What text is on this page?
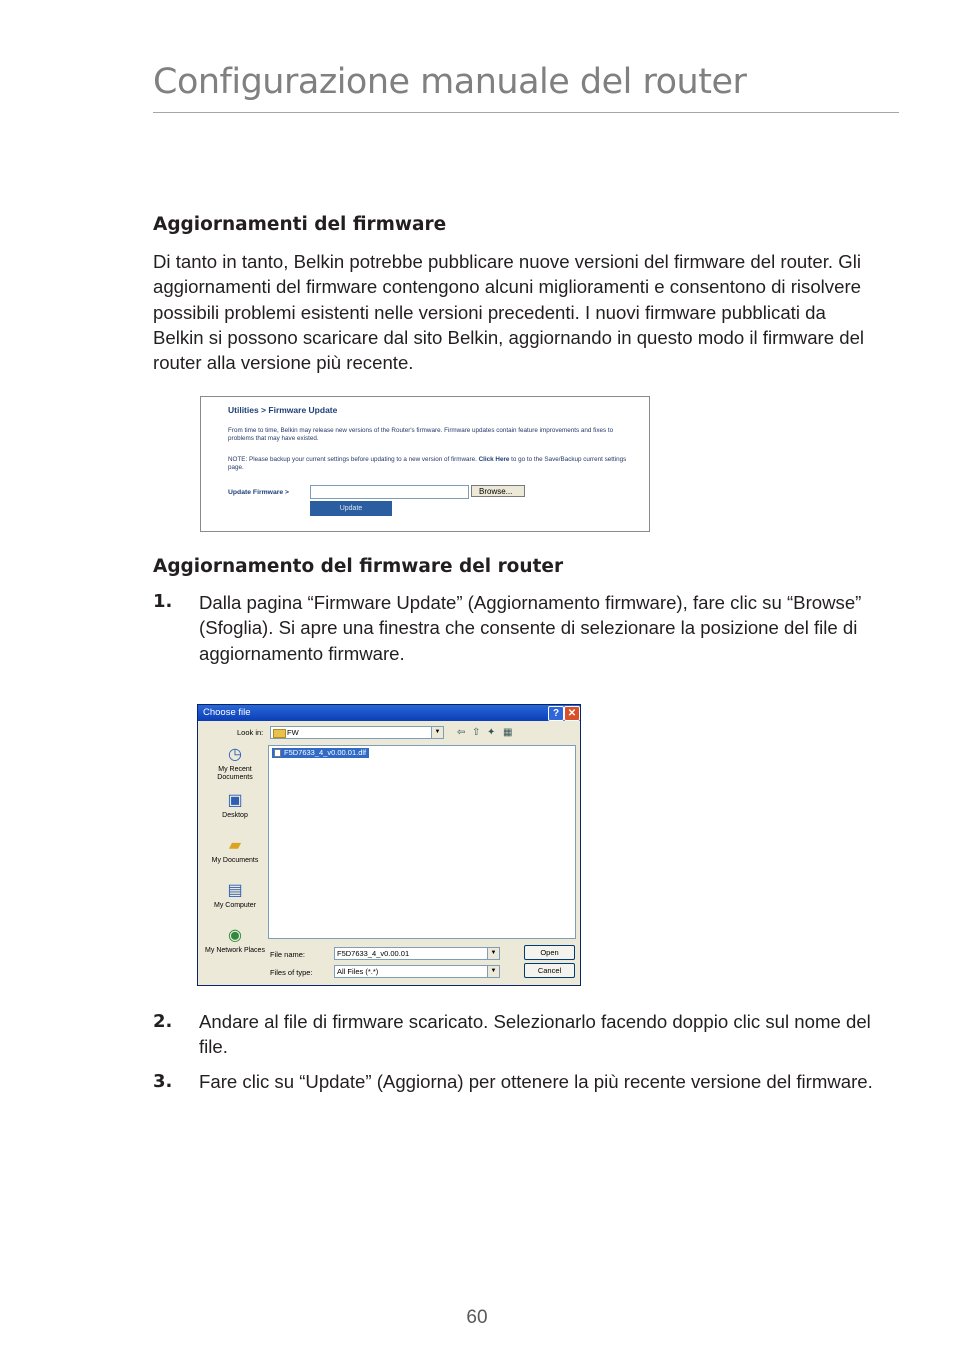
Configurazione manuale del router
Aggiornamenti del firmware
Di tanto in tanto, Belkin potrebbe pubblicare nuove versioni del firmware del router. Gli aggiornamenti del firmware contengono alcuni miglioramenti e consentono di risolvere possibili problemi esistenti nelle versioni precedenti. I nuovi firmware pubblicati da Belkin si possono scaricare dal sito Belkin, aggiornando in questo modo il firmware del router alla versione più recente.
Utilities > Firmware Update
From time to time, Belkin may release new versions of the Router's firmware. Firmware updates contain feature improvements and fixes to problems that may have existed.
NOTE: Please backup your current settings before updating to a new version of firmware. Click Here to go to the Save/Backup current settings page.
Update Firmware >	Browse...
Update
Aggiornamento del firmware del router
1. Dalla pagina “Firmware Update” (Aggiornamento firmware), fare clic su “Browse” (Sfoglia). Si apre una finestra che consente di selezionare la posizione del file di aggiornamento firmware.
Choose file	? ✕
Look in:	FW	▼ ⇦ ⇧ ✦ ▦
◷
My Recent Documents
▣
Desktop
▰
My Documents
▤
My Computer
◉
My Network Places
F5D7633_4_v0.00.01.dlf
File name:	F5D7633_4_v0.00.01	▼
Files of type:	All Files (*.*)	▼
Open
Cancel
2. Andare al file di firmware scaricato. Selezionarlo facendo doppio clic sul nome del file.
3. Fare clic su “Update” (Aggiorna) per ottenere la più recente versione del firmware.
60
